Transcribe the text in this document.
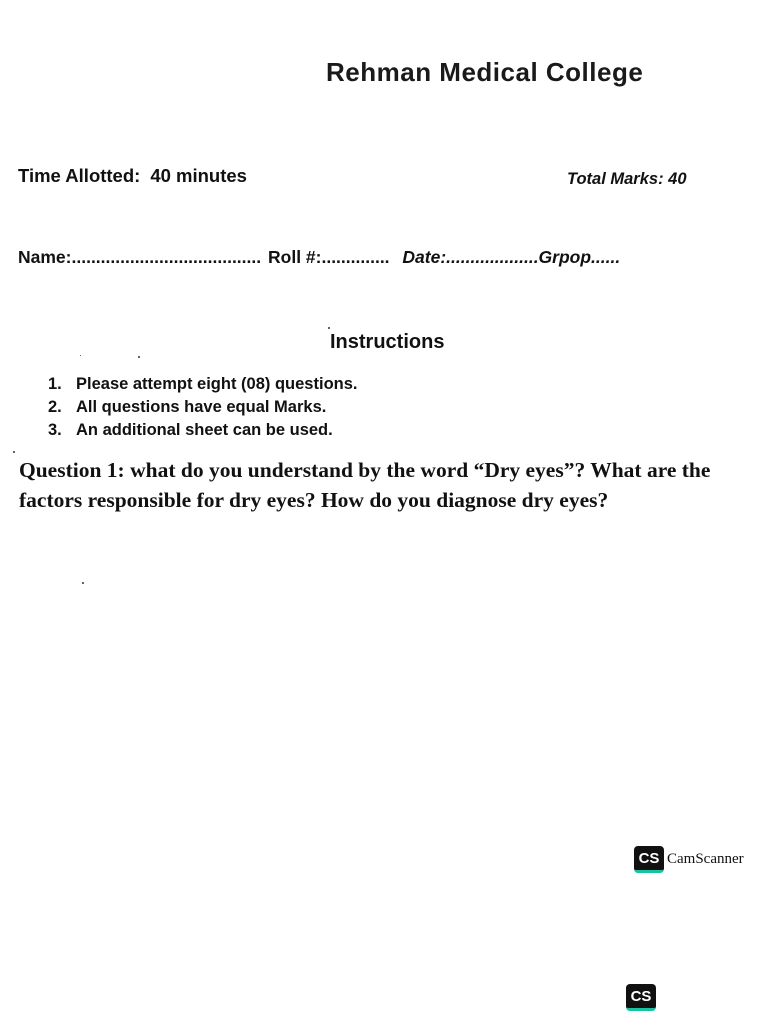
Rehman Medical College
Time Allotted: 40 minutes	Total Marks: 40
Name:....................................... Roll #:.............. Date:...................Grpop......
Instructions
1. Please attempt eight (08) questions.
2. All questions have equal Marks.
3. An additional sheet can be used.
Question 1: what do you understand by the word “Dry eyes”? What are the factors responsible for dry eyes? How do you diagnose dry eyes?
CS CamScanner
CS
